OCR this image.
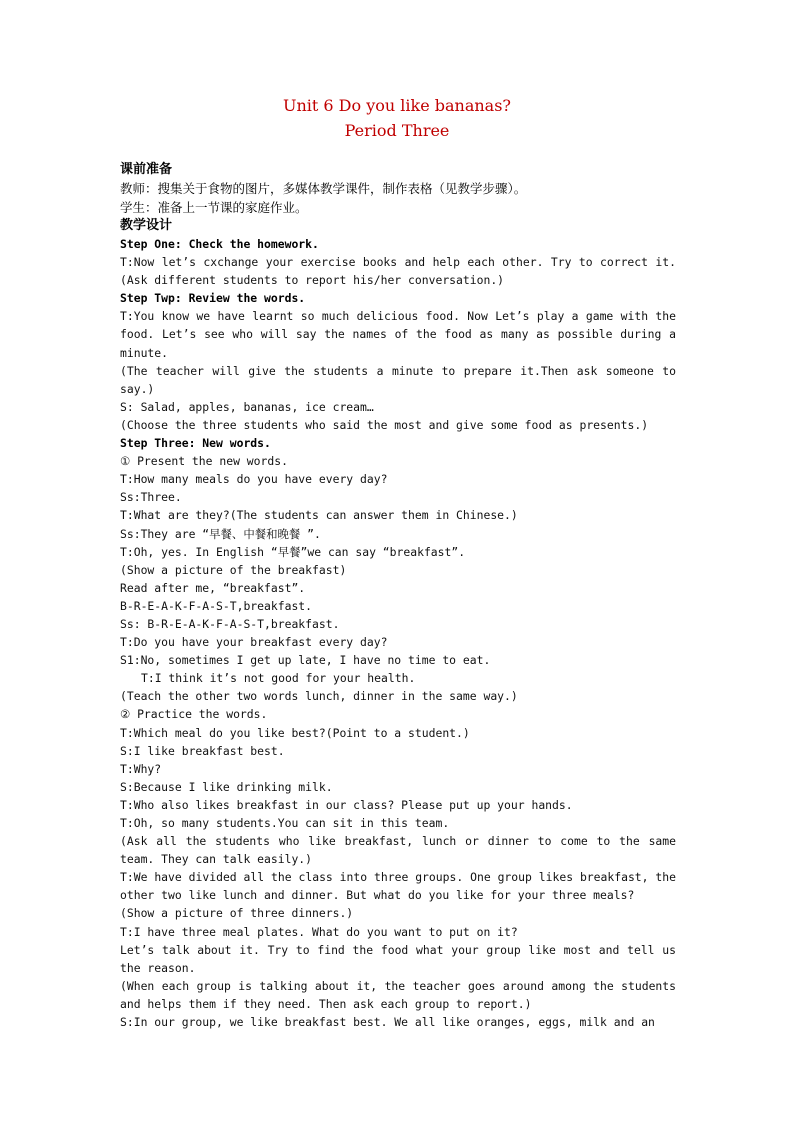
Unit 6 Do you like bananas?
Period Three
课前准备
教师：搜集关于食物的图片，多媒体教学课件，制作表格（见教学步骤）。
学生：准备上一节课的家庭作业。
教学设计
Step One: Check the homework.
T:Now let’s cxchange your exercise books and help each other. Try to correct it.(Ask different students to report his/her conversation.)
Step Twp: Review the words.
T:You know we have learnt so much delicious food. Now Let’s play a game with the food. Let’s see who will say the names of the food as many as possible during a minute.
(The teacher will give the students a minute to prepare it.Then ask someone to say.)
S: Salad, apples, bananas, ice cream…
(Choose the three students who said the most and give some food as presents.)
Step Three: New words.
① Present the new words.
T:How many meals do you have every day?
Ss:Three.
T:What are they?(The students can answer them in Chinese.)
Ss:They are “早餐、中餐和晚餐 ”.
T:Oh, yes. In English “早餐”we can say “breakfast”.
(Show a picture of the breakfast)
Read after me, “breakfast”.
B-R-E-A-K-F-A-S-T,breakfast.
Ss: B-R-E-A-K-F-A-S-T,breakfast.
T:Do you have your breakfast every day?
S1:No, sometimes I get up late, I have no time to eat.
T:I think it’s not good for your health.
(Teach the other two words lunch, dinner in the same way.)
② Practice the words.
T:Which meal do you like best?(Point to a student.)
S:I like breakfast best.
T:Why?
S:Because I like drinking milk.
T:Who also likes breakfast in our class? Please put up your hands.
T:Oh, so many students.You can sit in this team.
(Ask all the students who like breakfast, lunch or dinner to come to the same team. They can talk easily.)
T:We have divided all the class into three groups. One group likes breakfast, the other two like lunch and dinner. But what do you like for your three meals?
(Show a picture of three dinners.)
T:I have three meal plates. What do you want to put on it?
Let’s talk about it. Try to find the food what your group like most and tell us the reason.
(When each group is talking about it, the teacher goes around among the students and helps them if they need. Then ask each group to report.)
S:In our group, we like breakfast best. We all like oranges, eggs, milk and an
